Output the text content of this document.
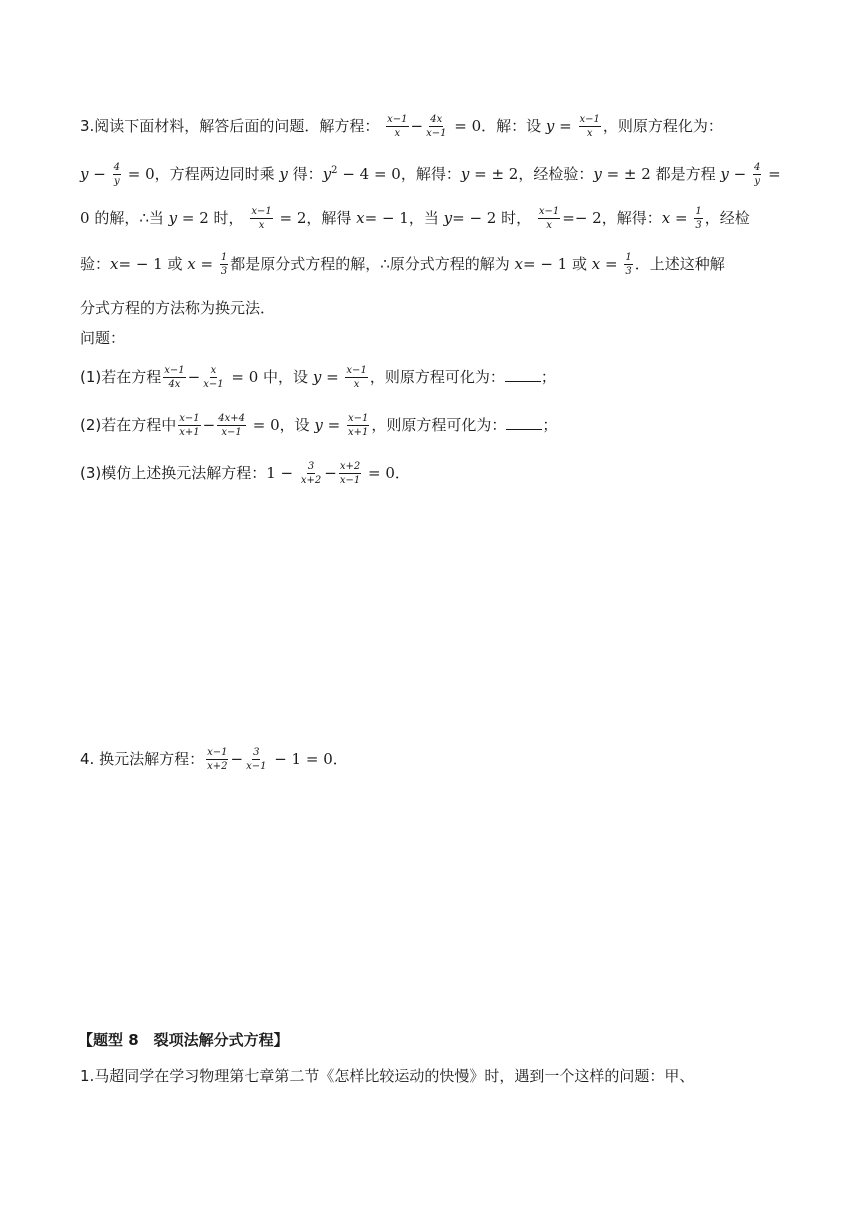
3.阅读下面材料，解答后面的问题．解方程： $\frac{x-1}{x} - \frac{4x}{x-1} = 0$．解：设 $y = \frac{x-1}{x}$ ，则原方程化为：
$y - \frac{4}{y} = 0$，方程两边同时乘 y 得：$y^2 - 4 = 0$，解得：y = ± 2，经检验：y = ± 2 都是方程 $y - \frac{4}{y}$ =
0 的解，∴当 y = 2 时， $\frac{x-1}{x} = 2$，解得 x= − 1，当 y= − 2 时， $\frac{x-1}{x} =- 2$，解得：$x = \frac{1}{3}$ ，经检
验：x= − 1 或 $x = \frac{1}{3}$ 都是原分式方程的解，∴原分式方程的解为 x= − 1 或 $x = \frac{1}{3}$ ．上述这种解
分式方程的方法称为换元法．
问题：
(1)若在方程 $\frac{x-1}{4x} - \frac{x}{x-1} = 0$ 中，设 $y = \frac{x-1}{x}$ ，则原方程可化为： ；
(2)若在方程中 $\frac{x-1}{x+1} - \frac{4x+4}{x-1} = 0$，设 $y = \frac{x-1}{x+1}$ ，则原方程可化为： ；
(3)模仿上述换元法解方程：$1 - \frac{3}{x+2} - \frac{x+2}{x-1} = 0$．
4. 换元法解方程： $\frac{x-1}{x+2} - \frac{3}{x-1} - 1 = 0$．
【题型 8　裂项法解分式方程】
1.马超同学在学习物理第七章第二节《怎样比较运动的快慢》时，遇到一个这样的问题：甲、
